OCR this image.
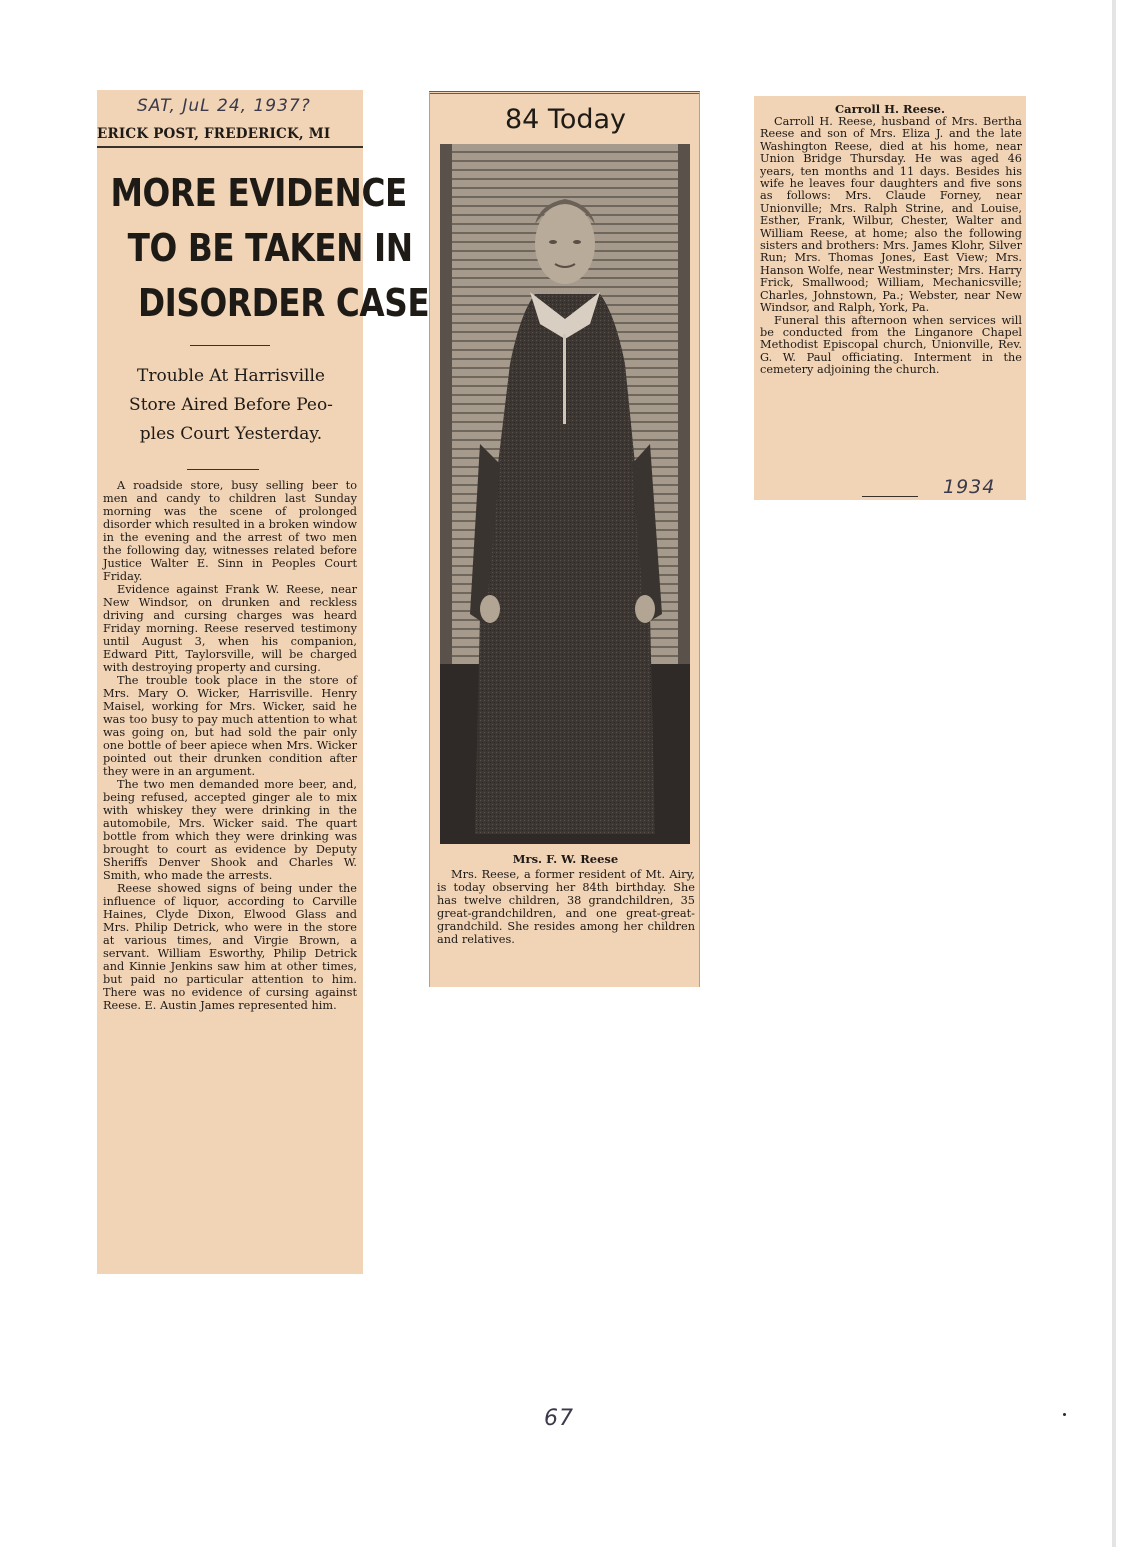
SAT, JuL 24, 1937?
ERICK POST, FREDERICK, MI
MORE EVIDENCE
TO BE TAKEN IN
DISORDER CASE
Trouble At Harrisville
Store Aired Before Peo-
ples Court Yesterday.

A roadside store, busy selling beer to men and candy to children last Sunday morning was the scene of prolonged disorder which resulted in a broken window in the evening and the arrest of two men the following day, witnesses related before Justice Walter E. Sinn in Peoples Court Friday.

Evidence against Frank W. Reese, near New Windsor, on drunken and reckless driving and cursing charges was heard Friday morning. Reese reserved testimony until August 3, when his companion, Edward Pitt, Taylorsville, will be charged with destroying property and cursing.

The trouble took place in the store of Mrs. Mary O. Wicker, Harrisville. Henry Maisel, working for Mrs. Wicker, said he was too busy to pay much attention to what was going on, but had sold the pair only one bottle of beer apiece when Mrs. Wicker pointed out their drunken condition after they were in an argument.

The two men demanded more beer, and, being refused, accepted ginger ale to mix with whiskey they were drinking in the automobile, Mrs. Wicker said. The quart bottle from which they were drinking was brought to court as evidence by Deputy Sheriffs Denver Shook and Charles W. Smith, who made the arrests.

Reese showed signs of being under the influence of liquor, according to Carville Haines, Clyde Dixon, Elwood Glass and Mrs. Philip Detrick, who were in the store at various times, and Virgie Brown, a servant. William Esworthy, Philip Detrick and Kinnie Jenkins saw him at other times, but paid no particular attention to him. There was no evidence of cursing against Reese. E. Austin James represented him.

84 Today
Mrs. F. W. Reese

Mrs. Reese, a former resident of Mt. Airy, is today observing her 84th birthday. She has twelve children, 38 grandchildren, 35 great-grandchildren, and one great-great-grandchild. She resides among her children and relatives.

Carroll H. Reese.

Carroll H. Reese, husband of Mrs. Bertha Reese and son of Mrs. Eliza J. and the late Washington Reese, died at his home, near Union Bridge Thursday. He was aged 46 years, ten months and 11 days. Besides his wife he leaves four daughters and five sons as follows: Mrs. Claude Forney, near Unionville; Mrs. Ralph Strine, and Louise, Esther, Frank, Wilbur, Chester, Walter and William Reese, at home; also the following sisters and brothers: Mrs. James Klohr, Silver Run; Mrs. Thomas Jones, East View; Mrs. Hanson Wolfe, near Westminster; Mrs. Harry Frick, Smallwood; William, Mechanicsville; Charles, Johnstown, Pa.; Webster, near New Windsor, and Ralph, York, Pa.

Funeral this afternoon when services will be conducted from the Linganore Chapel Methodist Episcopal church, Unionville, Rev. G. W. Paul officiating. Interment in the cemetery adjoining the church.

1934
67
